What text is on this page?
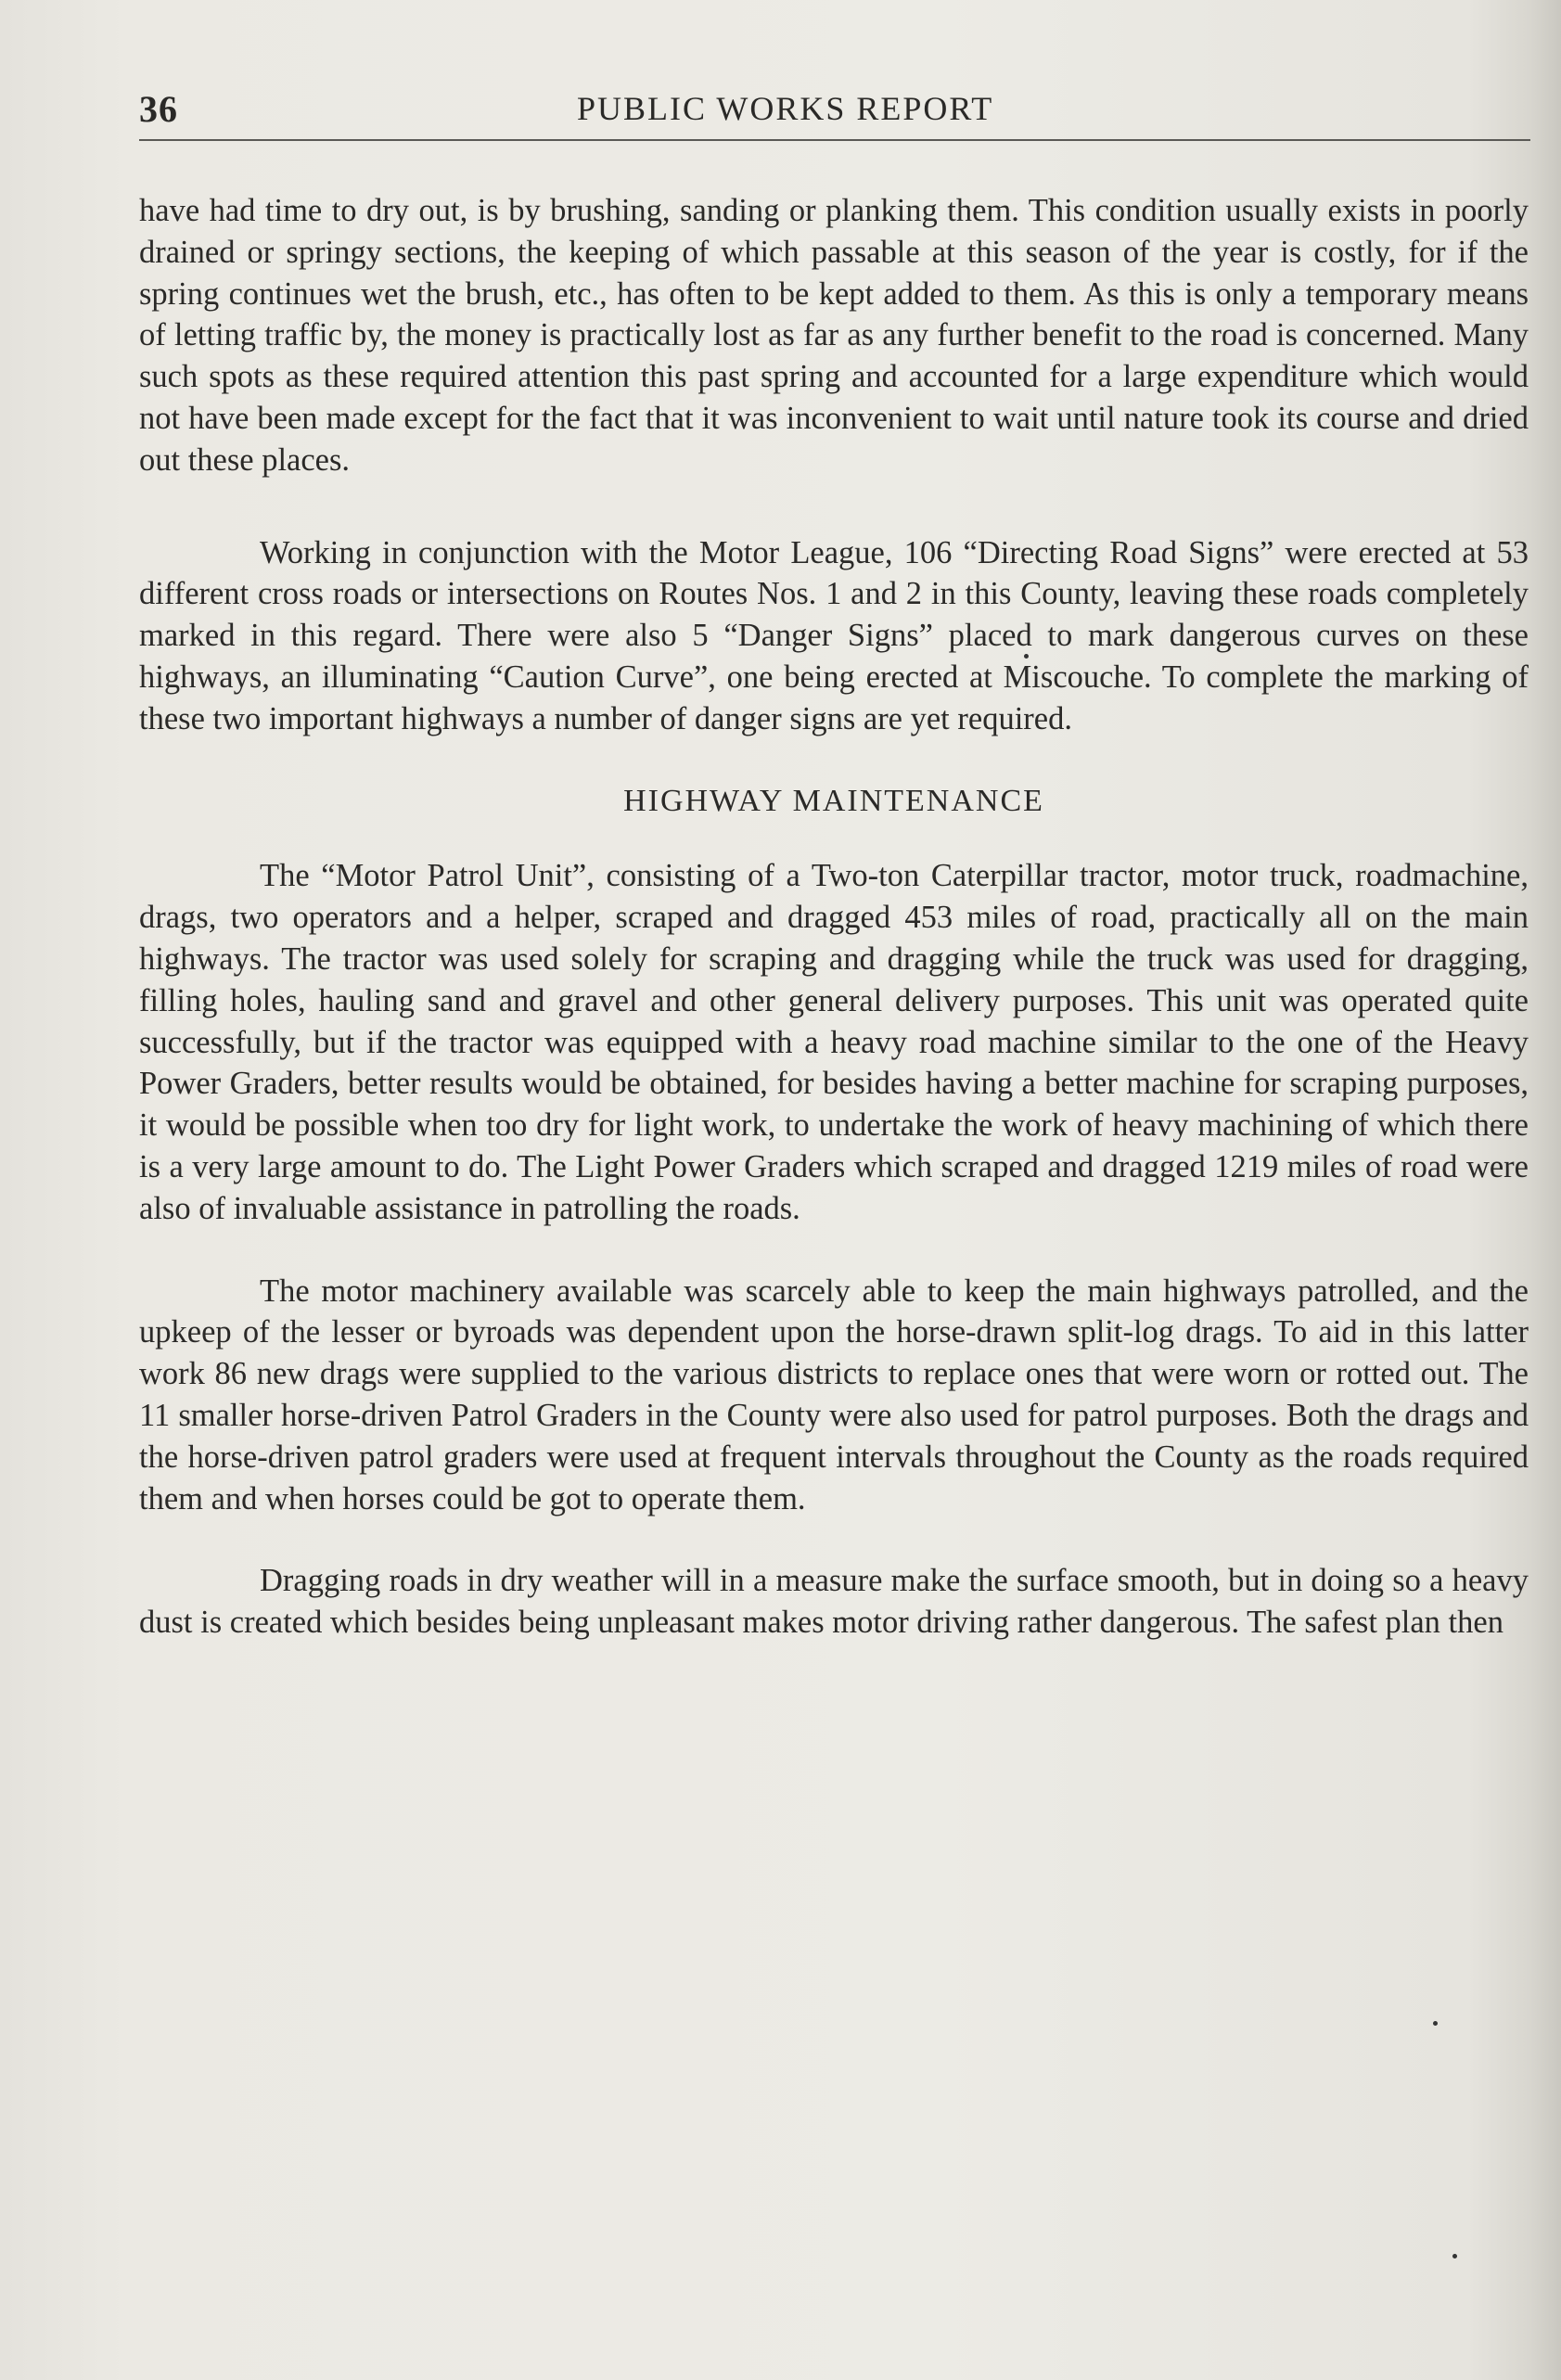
36	PUBLIC WORKS REPORT

have had time to dry out, is by brushing, sanding or planking them. This condition usually exists in poorly drained or springy sections, the keeping of which passable at this season of the year is costly, for if the spring continues wet the brush, etc., has often to be kept added to them. As this is only a temporary means of letting traffic by, the money is practically lost as far as any further benefit to the road is concerned. Many such spots as these required attention this past spring and accounted for a large expenditure which would not have been made except for the fact that it was inconvenient to wait until nature took its course and dried out these places.

Working in conjunction with the Motor League, 106 “Directing Road Signs” were erected at 53 different cross roads or intersections on Routes Nos. 1 and 2 in this County, leaving these roads completely marked in this regard. There were also 5 “Danger Signs” placed to mark dangerous curves on these highways, an illuminating “Caution Curve”, one being erected at Miscouche. To complete the marking of these two important highways a number of danger signs are yet required.

HIGHWAY MAINTENANCE

The “Motor Patrol Unit”, consisting of a Two-ton Caterpillar tractor, motor truck, roadmachine, drags, two operators and a helper, scraped and dragged 453 miles of road, practically all on the main highways. The tractor was used solely for scraping and dragging while the truck was used for dragging, filling holes, hauling sand and gravel and other general delivery purposes. This unit was operated quite successfully, but if the tractor was equipped with a heavy road machine similar to the one of the Heavy Power Graders, better results would be obtained, for besides having a better machine for scraping purposes, it would be possible when too dry for light work, to undertake the work of heavy machining of which there is a very large amount to do. The Light Power Graders which scraped and dragged 1219 miles of road were also of invaluable assistance in patrolling the roads.

The motor machinery available was scarcely able to keep the main highways patrolled, and the upkeep of the lesser or byroads was dependent upon the horse-drawn split-log drags. To aid in this latter work 86 new drags were supplied to the various districts to replace ones that were worn or rotted out. The 11 smaller horse-driven Patrol Graders in the County were also used for patrol purposes. Both the drags and the horse-driven patrol graders were used at frequent intervals throughout the County as the roads required them and when horses could be got to operate them.

Dragging roads in dry weather will in a measure make the surface smooth, but in doing so a heavy dust is created which besides being unpleasant makes motor driving rather dangerous. The safest plan then
